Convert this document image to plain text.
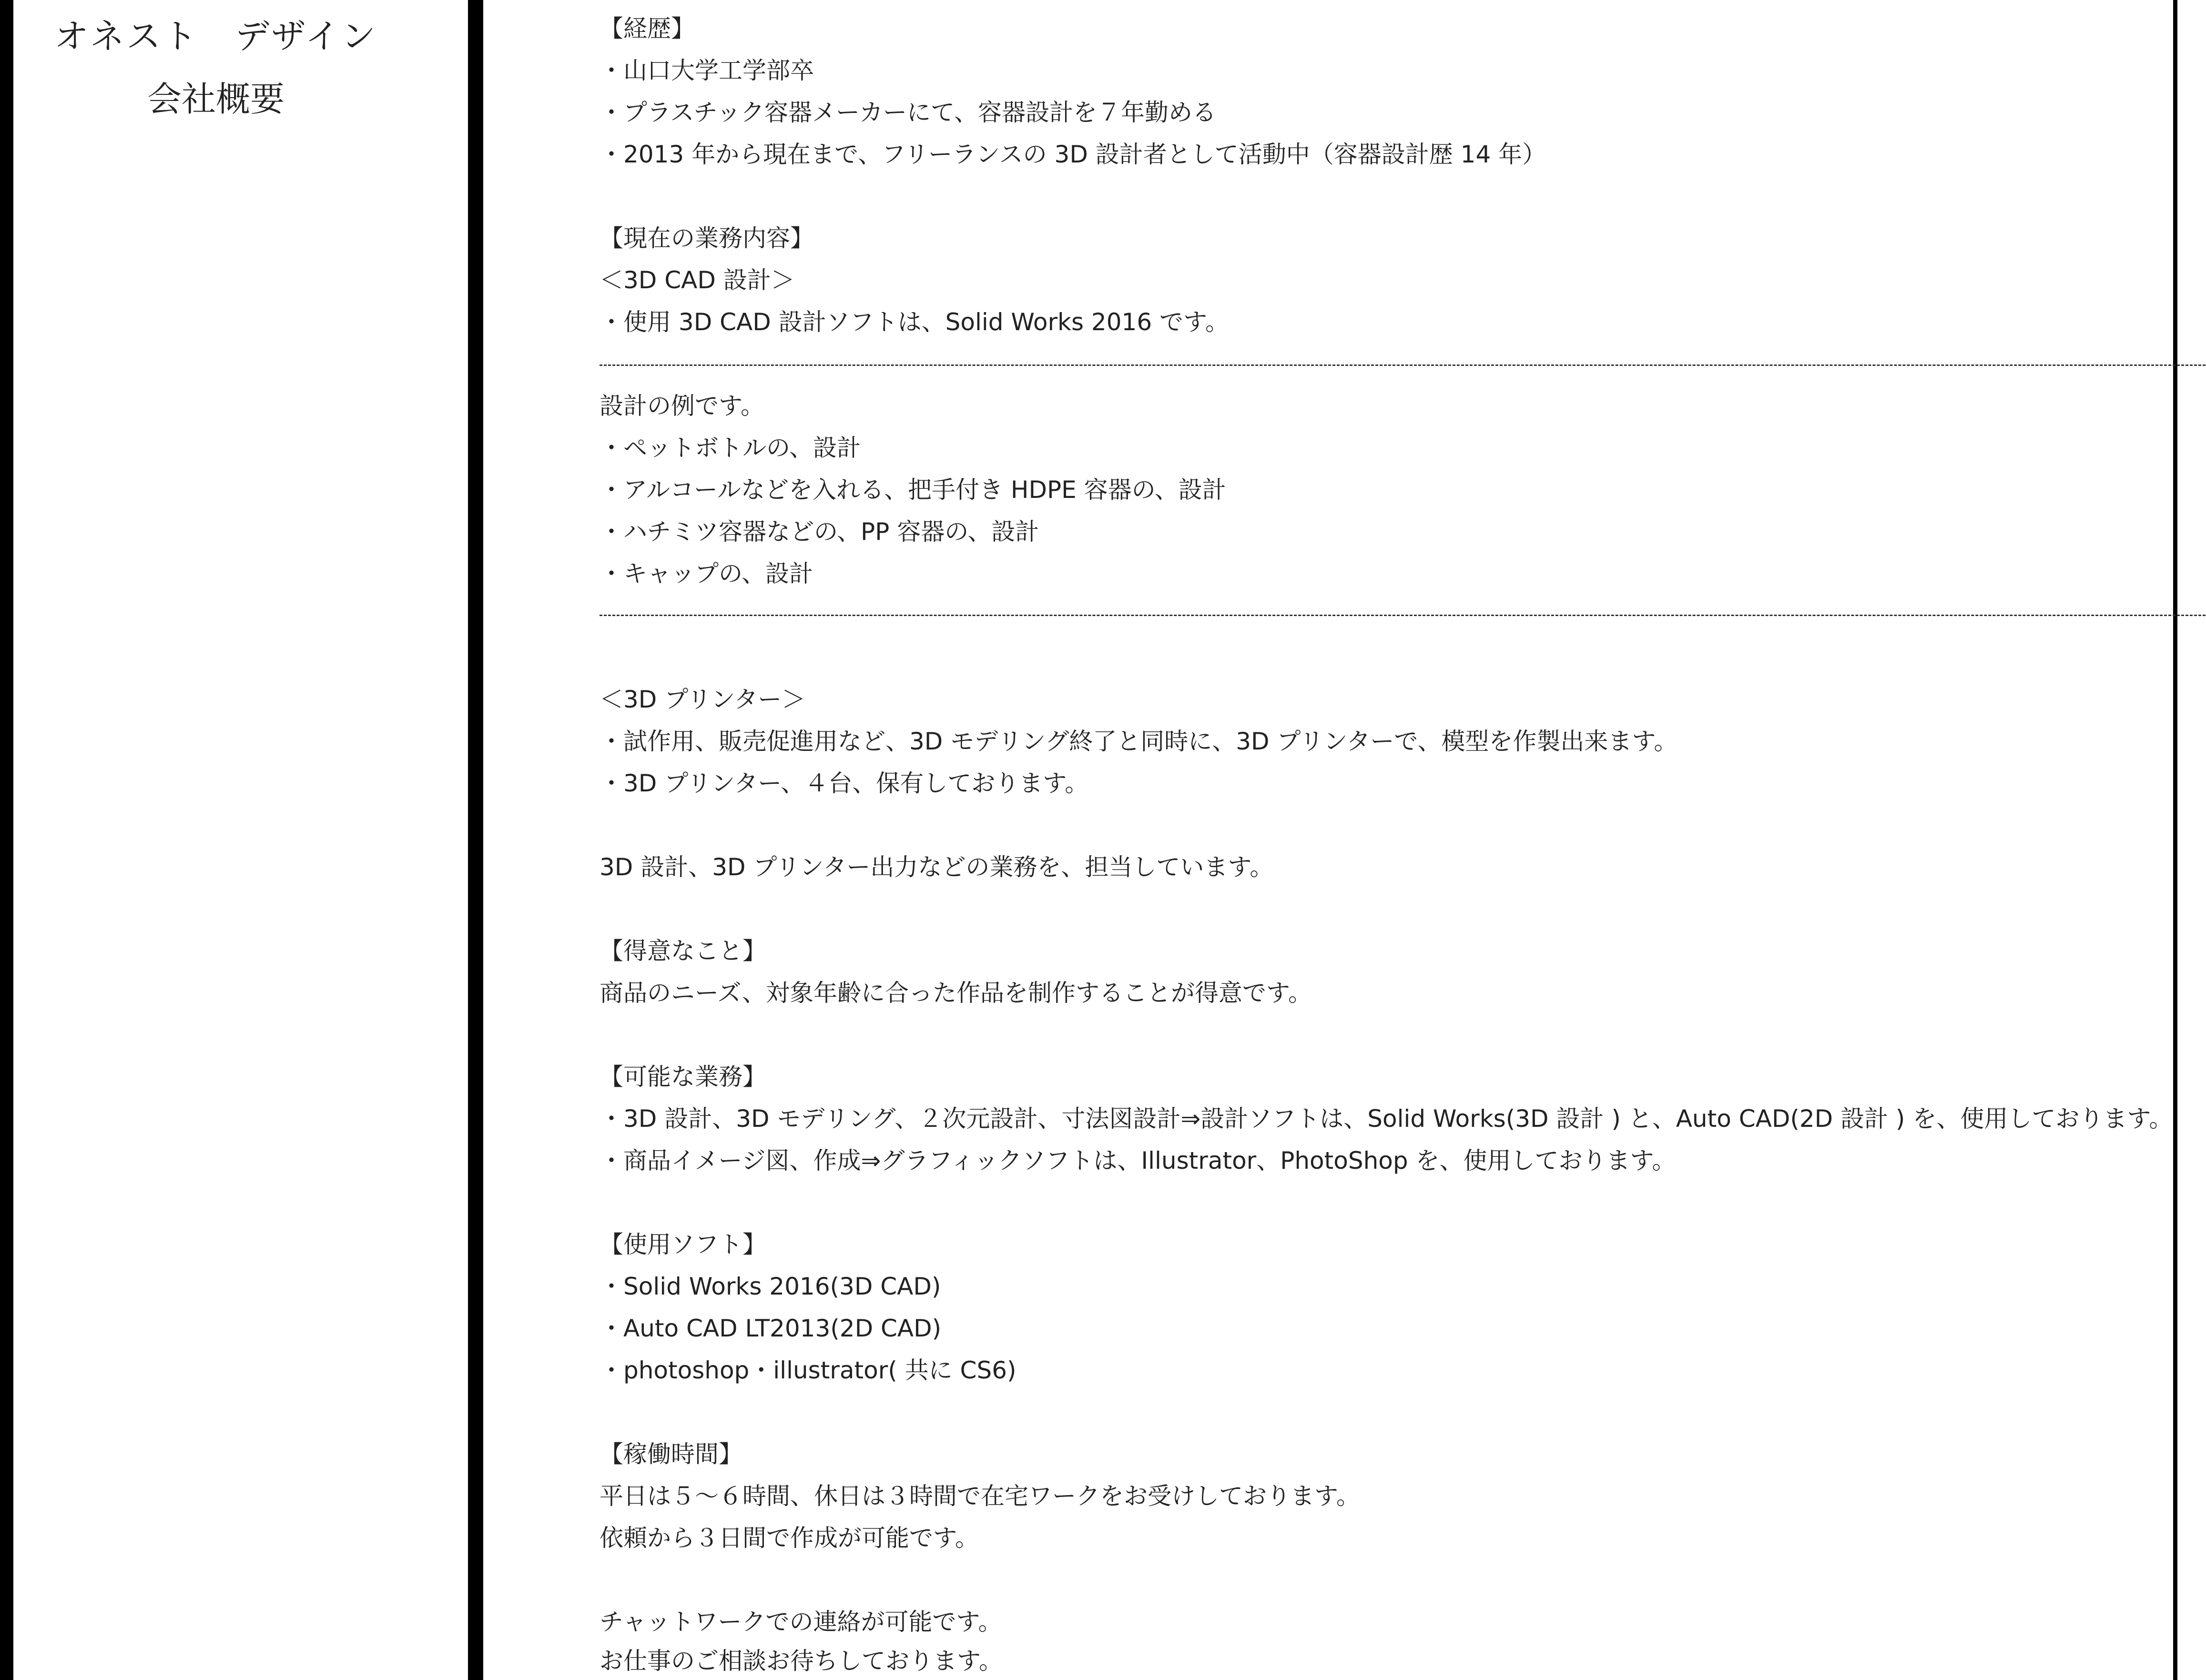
オネスト　デザイン
会社概要
【経歴】
・山口大学工学部卒
・プラスチック容器メーカーにて、容器設計を７年勤める
・2013 年から現在まで、フリーランスの 3D 設計者として活動中（容器設計歴 14 年）
【現在の業務内容】
＜3D CAD 設計＞
・使用 3D CAD 設計ソフトは、Solid Works 2016 です。
設計の例です。
・ペットボトルの、設計
・アルコールなどを入れる、把手付き HDPE 容器の、設計
・ハチミツ容器などの、PP 容器の、設計
・キャップの、設計
＜3D プリンター＞
・試作用、販売促進用など、3D モデリング終了と同時に、3D プリンターで、模型を作製出来ます。
・3D プリンター、４台、保有しております。
3D 設計、3D プリンター出力などの業務を、担当しています。
【得意なこと】
商品のニーズ、対象年齢に合った作品を制作することが得意です。
【可能な業務】
・3D 設計、3D モデリング、２次元設計、寸法図設計⇒設計ソフトは、Solid Works(3D 設計 ) と、Auto CAD(2D 設計 ) を、使用しております。
・商品イメージ図、作成⇒グラフィックソフトは、Illustrator、PhotoShop を、使用しております。
【使用ソフト】
・Solid Works 2016(3D CAD)
・Auto CAD LT2013(2D CAD)
・photoshop・illustrator( 共に CS6)
【稼働時間】
平日は５～６時間、休日は３時間で在宅ワークをお受けしております。
依頼から３日間で作成が可能です。
チャットワークでの連絡が可能です。
お仕事のご相談お待ちしております。
